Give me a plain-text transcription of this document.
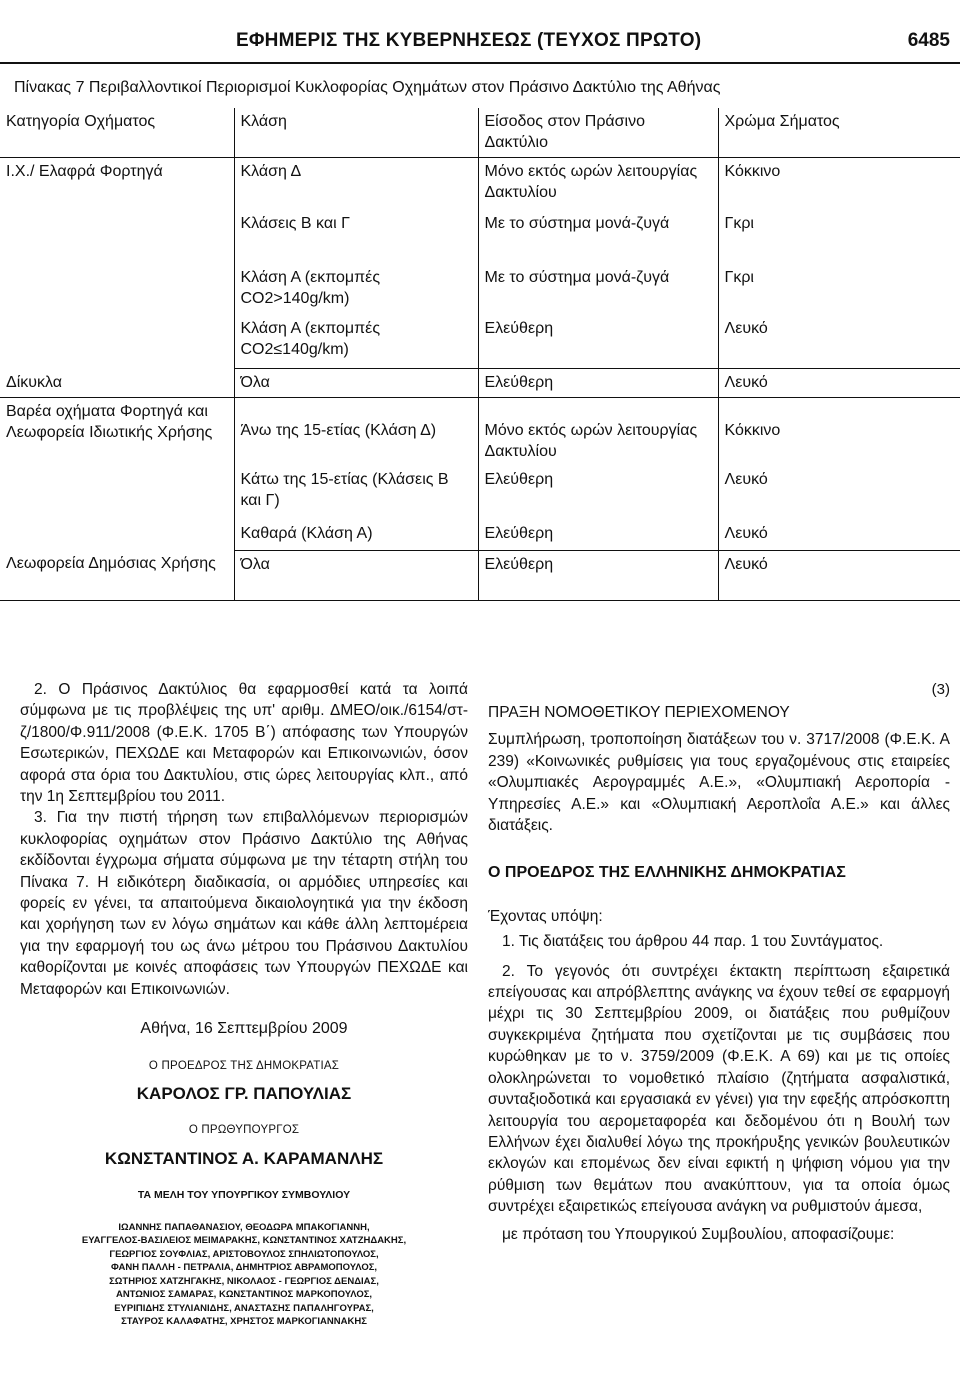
ΕΦΗΜΕΡΙΣ ΤΗΣ ΚΥΒΕΡΝΗΣΕΩΣ (ΤΕΥΧΟΣ ΠΡΩΤΟ)	6485
Πίνακας 7 Περιβαλλοντικοί Περιορισμοί Κυκλοφορίας Οχημάτων στον Πράσινο Δακτύλιο της Αθήνας
Κατηγορία Οχήματος	Κλάση	Είσοδος στον Πράσινο Δακτύλιο	Χρώμα Σήματος
Ι.Χ./ Ελαφρά Φορτηγά	Κλάση Δ	Μόνο εκτός ωρών λειτουργίας Δακτυλίου	Κόκκινο
	Κλάσεις Β και Γ	Με το σύστημα μονά-ζυγά	Γκρι
	Κλάση Α (εκπομπές CO2>140g/km)	Με το σύστημα μονά-ζυγά	Γκρι
	Κλάση Α (εκπομπές CO2≤140g/km)	Ελεύθερη	Λευκό
Δίκυκλα	Όλα	Ελεύθερη	Λευκό
Βαρέα οχήματα Φορτηγά και Λεωφορεία Ιδιωτικής Χρήσης	Άνω της 15-ετίας (Κλάση Δ)	Μόνο εκτός ωρών λειτουργίας Δακτυλίου	Κόκκινο
	Κάτω της 15-ετίας (Κλάσεις Β και Γ)	Ελεύθερη	Λευκό
	Καθαρά (Κλάση Α)	Ελεύθερη	Λευκό
Λεωφορεία Δημόσιας Χρήσης	Όλα	Ελεύθερη	Λευκό

2. Ο Πράσινος Δακτύλιος θα εφαρμοσθεί κατά τα λοιπά σύμφωνα με τις προβλέψεις της υπ' αριθμ. ΔΜΕΟ/οικ./6154/στ-ζ/1800/Φ.911/2008 (Φ.Ε.Κ. 1705 Β΄) απόφασης των Υπουργών Εσωτερικών, ΠΕΧΩΔΕ και Μεταφορών και Επικοινωνιών, όσον αφορά στα όρια του Δακτυλίου, στις ώρες λειτουργίας κλπ., από την 1η Σεπτεμβρίου του 2011.

3. Για την πιστή τήρηση των επιβαλλόμενων περιορισμών κυκλοφορίας οχημάτων στον Πράσινο Δακτύλιο της Αθήνας εκδίδονται έγχρωμα σήματα σύμφωνα με την τέταρτη στήλη του Πίνακα 7. Η ειδικότερη διαδικασία, οι αρμόδιες υπηρεσίες και φορείς εν γένει, τα απαιτούμενα δικαιολογητικά για την έκδοση και χορήγηση των εν λόγω σημάτων και κάθε άλλη λεπτομέρεια για την εφαρμογή του ως άνω μέτρου του Πράσινου Δακτυλίου καθορίζονται με κοινές αποφάσεις των Υπουργών ΠΕΧΩΔΕ και Μεταφορών και Επικοινωνιών.

Αθήνα, 16 Σεπτεμβρίου 2009

Ο ΠΡΟΕΔΡΟΣ ΤΗΣ ΔΗΜΟΚΡΑΤΙΑΣ

ΚΑΡΟΛΟΣ ΓΡ. ΠΑΠΟΥΛΙΑΣ

Ο ΠΡΩΘΥΠΟΥΡΓΟΣ

ΚΩΝΣΤΑΝΤΙΝΟΣ Α. ΚΑΡΑΜΑΝΛΗΣ

ΤΑ ΜΕΛΗ ΤΟΥ ΥΠΟΥΡΓΙΚΟΥ ΣΥΜΒΟΥΛΙΟΥ

ΙΩΑΝΝΗΣ ΠΑΠΑΘΑΝΑΣΙΟΥ, ΘΕΟΔΩΡΑ ΜΠΑΚΟΓΙΑΝΝΗ,
ΕΥΑΓΓΕΛΟΣ-ΒΑΣΙΛΕΙΟΣ ΜΕΙΜΑΡΑΚΗΣ, ΚΩΝΣΤΑΝΤΙΝΟΣ ΧΑΤΖΗΔΑΚΗΣ,
ΓΕΩΡΓΙΟΣ ΣΟΥΦΛΙΑΣ, ΑΡΙΣΤΟΒΟΥΛΟΣ ΣΠΗΛΙΩΤΟΠΟΥΛΟΣ,
ΦΑΝΗ ΠΑΛΛΗ - ΠΕΤΡΑΛΙΑ, ΔΗΜΗΤΡΙΟΣ ΑΒΡΑΜΟΠΟΥΛΟΣ,
ΣΩΤΗΡΙΟΣ ΧΑΤΖΗΓΑΚΗΣ, ΝΙΚΟΛΑΟΣ - ΓΕΩΡΓΙΟΣ ΔΕΝΔΙΑΣ,
ΑΝΤΩΝΙΟΣ ΣΑΜΑΡΑΣ, ΚΩΝΣΤΑΝΤΙΝΟΣ ΜΑΡΚΟΠΟΥΛΟΣ,
ΕΥΡΙΠΙΔΗΣ ΣΤΥΛΙΑΝΙΔΗΣ, ΑΝΑΣΤΑΣΗΣ ΠΑΠΑΛΗΓΟΥΡΑΣ,
ΣΤΑΥΡΟΣ ΚΑΛΑΦΑΤΗΣ, ΧΡΗΣΤΟΣ ΜΑΡΚΟΓΙΑΝΝΑΚΗΣ
(3)

ΠΡΑΞΗ ΝΟΜΟΘΕΤΙΚΟΥ ΠΕΡΙΕΧΟΜΕΝΟΥ

Συμπλήρωση, τροποποίηση διατάξεων του ν. 3717/2008 (Φ.Ε.Κ. Α 239) «Κοινωνικές ρυθμίσεις για τους εργαζομένους στις εταιρείες «Ολυμπιακές Αερογραμμές Α.Ε.», «Ολυμπιακή Αεροπορία - Υπηρεσίες Α.Ε.» και «Ολυμπιακή Αεροπλοΐα Α.Ε.» και άλλες διατάξεις.

Ο ΠΡΟΕΔΡΟΣ ΤΗΣ ΕΛΛΗΝΙΚΗΣ ΔΗΜΟΚΡΑΤΙΑΣ

Έχοντας υπόψη:

1. Τις διατάξεις του άρθρου 44 παρ. 1 του Συντάγματος.

2. Το γεγονός ότι συντρέχει έκτακτη περίπτωση εξαιρετικά επείγουσας και απρόβλεπτης ανάγκης να έχουν τεθεί σε εφαρμογή μέχρι τις 30 Σεπτεμβρίου 2009, οι διατάξεις που ρυθμίζουν συγκεκριμένα ζητήματα που σχετίζονται με τις συμβάσεις που κυρώθηκαν με το ν. 3759/2009 (Φ.Ε.Κ. Α 69) και με τις οποίες ολοκληρώνεται το νομοθετικό πλαίσιο (ζητήματα ασφαλιστικά, συνταξιοδοτικά και εργασιακά εν γένει) για την εφεξής απρόσκοπτη λειτουργία του αερομεταφορέα και δεδομένου ότι η Βουλή των Ελλήνων έχει διαλυθεί λόγω της προκήρυξης γενικών βουλευτικών εκλογών και επομένως δεν είναι εφικτή η ψήφιση νόμου για την ρύθμιση των θεμάτων που ανακύπτουν, για τα οποία όμως συντρέχει εξαιρετικώς επείγουσα ανάγκη να ρυθμιστούν άμεσα,

με πρόταση του Υπουργικού Συμβουλίου, αποφασίζουμε:
